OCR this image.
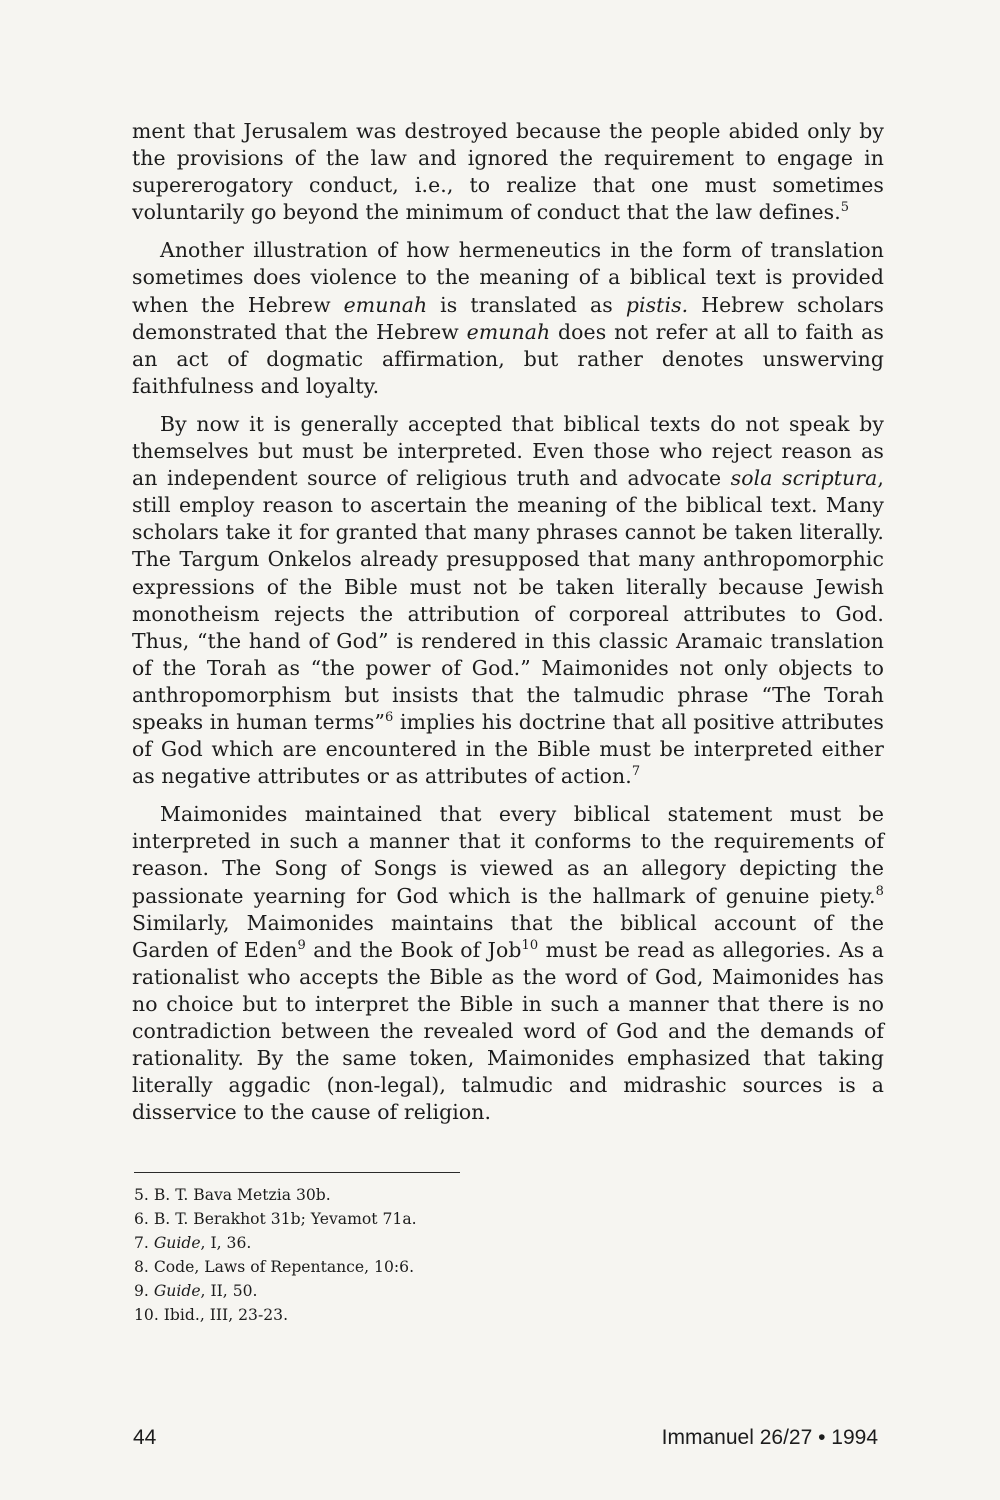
ment that Jerusalem was destroyed because the people abided only by the provisions of the law and ignored the requirement to engage in supererogatory conduct, i.e., to realize that one must sometimes voluntarily go beyond the minimum of conduct that the law defines.$^5$

Another illustration of how hermeneutics in the form of translation sometimes does violence to the meaning of a biblical text is provided when the Hebrew emunah is translated as pistis. Hebrew scholars demonstrated that the Hebrew emunah does not refer at all to faith as an act of dogmatic affirmation, but rather denotes unswerving faithfulness and loyalty.

By now it is generally accepted that biblical texts do not speak by themselves but must be interpreted. Even those who reject reason as an independent source of religious truth and advocate sola scriptura, still employ reason to ascertain the meaning of the biblical text. Many scholars take it for granted that many phrases cannot be taken literally. The Targum Onkelos already presupposed that many anthropomorphic expressions of the Bible must not be taken literally because Jewish monotheism rejects the attribution of corporeal attributes to God. Thus, “the hand of God” is rendered in this classic Aramaic translation of the Torah as “the power of God.” Maimonides not only objects to anthropomorphism but insists that the talmudic phrase “The Torah speaks in human terms”$^6$ implies his doctrine that all positive attributes of God which are encountered in the Bible must be interpreted either as negative attributes or as attributes of action.$^7$

Maimonides maintained that every biblical statement must be interpreted in such a manner that it conforms to the requirements of reason. The Song of Songs is viewed as an allegory depicting the passionate yearning for God which is the hallmark of genuine piety.$^8$ Similarly, Maimonides maintains that the biblical account of the Garden of Eden$^9$ and the Book of Job$^{10}$ must be read as allegories. As a rationalist who accepts the Bible as the word of God, Maimonides has no choice but to interpret the Bible in such a manner that there is no contradiction between the revealed word of God and the demands of rationality. By the same token, Maimonides emphasized that taking literally aggadic (non-legal), talmudic and midrashic sources is a disservice to the cause of religion.

5. B. T. Bava Metzia 30b.
6. B. T. Berakhot 31b; Yevamot 71a.
7. Guide, I, 36.
8. Code, Laws of Repentance, 10:6.
9. Guide, II, 50.
10. Ibid., III, 23-23.
44	Immanuel 26/27 • 1994
